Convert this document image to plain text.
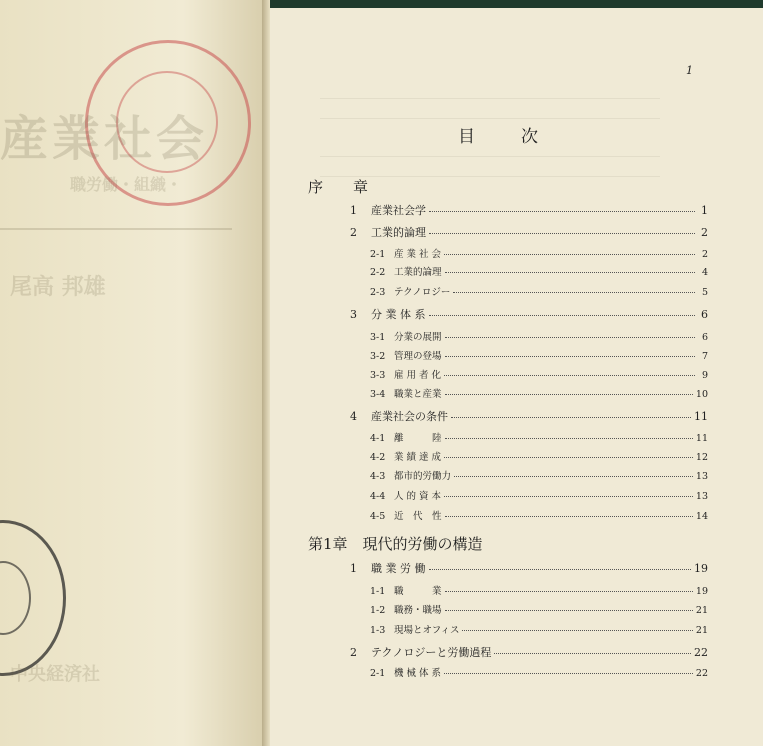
産業社会
職労働・組織・
尾高 邦雄
中央経済社
1
目次
序　　章
第1章　現代的労働の構造
1	産業社会学	1
2	工業的論理	2
2-1 産 業 社 会	2
2-2 工業的論理	4
2-3 テクノロジー	5
3	分 業 体 系	6
3-1 分業の展開	6
3-2 管理の登場	7
3-3 雇 用 者 化	9
3-4 職業と産業	10
4	産業社会の条件	11
4-1 離　　　陸	11
4-2 業 績 達 成	12
4-3 都市的労働力	13
4-4 人 的 資 本	13
4-5 近　代　性	14
1	職 業 労 働	19
1-1 職　　　業	19
1-2 職務・職場	21
1-3 現場とオフィス	21
2	テクノロジーと労働過程	22
2-1 機 械 体 系	22
